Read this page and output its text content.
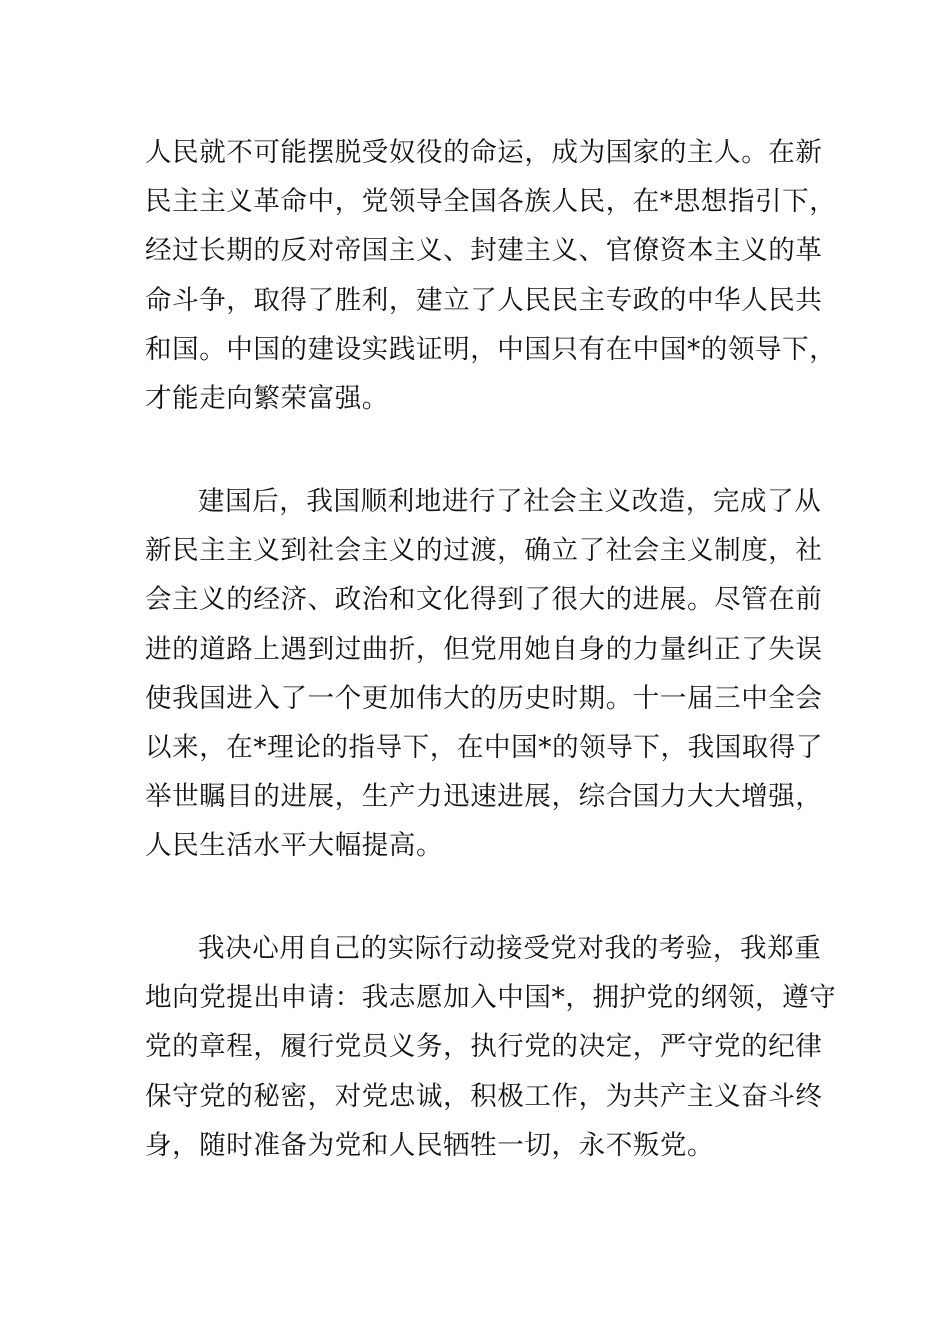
人民就不可能摆脱受奴役的命运，成为国家的主人。在新
民主主义革命中，党领导全国各族人民，在*思想指引下，
经过长期的反对帝国主义、封建主义、官僚资本主义的革
命斗争，取得了胜利，建立了人民民主专政的中华人民共
和国。中国的建设实践证明，中国只有在中国*的领导下，
才能走向繁荣富强。

建国后，我国顺利地进行了社会主义改造，完成了从
新民主主义到社会主义的过渡，确立了社会主义制度，社
会主义的经济、政治和文化得到了很大的进展。尽管在前
进的道路上遇到过曲折，但党用她自身的力量纠正了失误
使我国进入了一个更加伟大的历史时期。十一届三中全会
以来，在*理论的指导下，在中国*的领导下，我国取得了
举世瞩目的进展，生产力迅速进展，综合国力大大增强，
人民生活水平大幅提高。

我决心用自己的实际行动接受党对我的考验，我郑重
地向党提出申请：我志愿加入中国*，拥护党的纲领，遵守
党的章程，履行党员义务，执行党的决定，严守党的纪律
保守党的秘密，对党忠诚，积极工作，为共产主义奋斗终
身，随时准备为党和人民牺牲一切，永不叛党。
